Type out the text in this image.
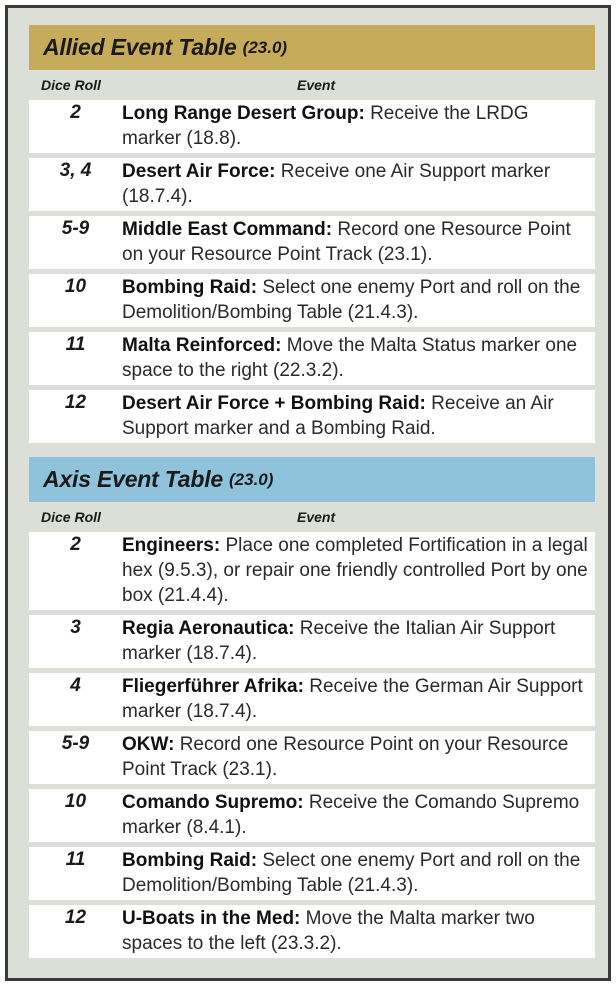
Allied Event Table (23.0)
Dice Roll	Event
2	Long Range Desert Group: Receive the LRDG marker (18.8).
3, 4	Desert Air Force: Receive one Air Support marker (18.7.4).
5-9	Middle East Command: Record one Resource Point on your Resource Point Track (23.1).
10	Bombing Raid: Select one enemy Port and roll on the Demolition/Bombing Table (21.4.3).
11	Malta Reinforced: Move the Malta Status marker one space to the right (22.3.2).
12	Desert Air Force + Bombing Raid: Receive an Air Support marker and a Bombing Raid.
Axis Event Table (23.0)
Dice Roll	Event
2	Engineers: Place one completed Fortification in a legal hex (9.5.3), or repair one friendly controlled Port by one box (21.4.4).
3	Regia Aeronautica: Receive the Italian Air Support marker (18.7.4).
4	Fliegerführer Afrika: Receive the German Air Support marker (18.7.4).
5-9	OKW: Record one Resource Point on your Resource Point Track (23.1).
10	Comando Supremo: Receive the Comando Supremo marker (8.4.1).
11	Bombing Raid: Select one enemy Port and roll on the Demolition/Bombing Table (21.4.3).
12	U-Boats in the Med: Move the Malta marker two spaces to the left (23.3.2).
